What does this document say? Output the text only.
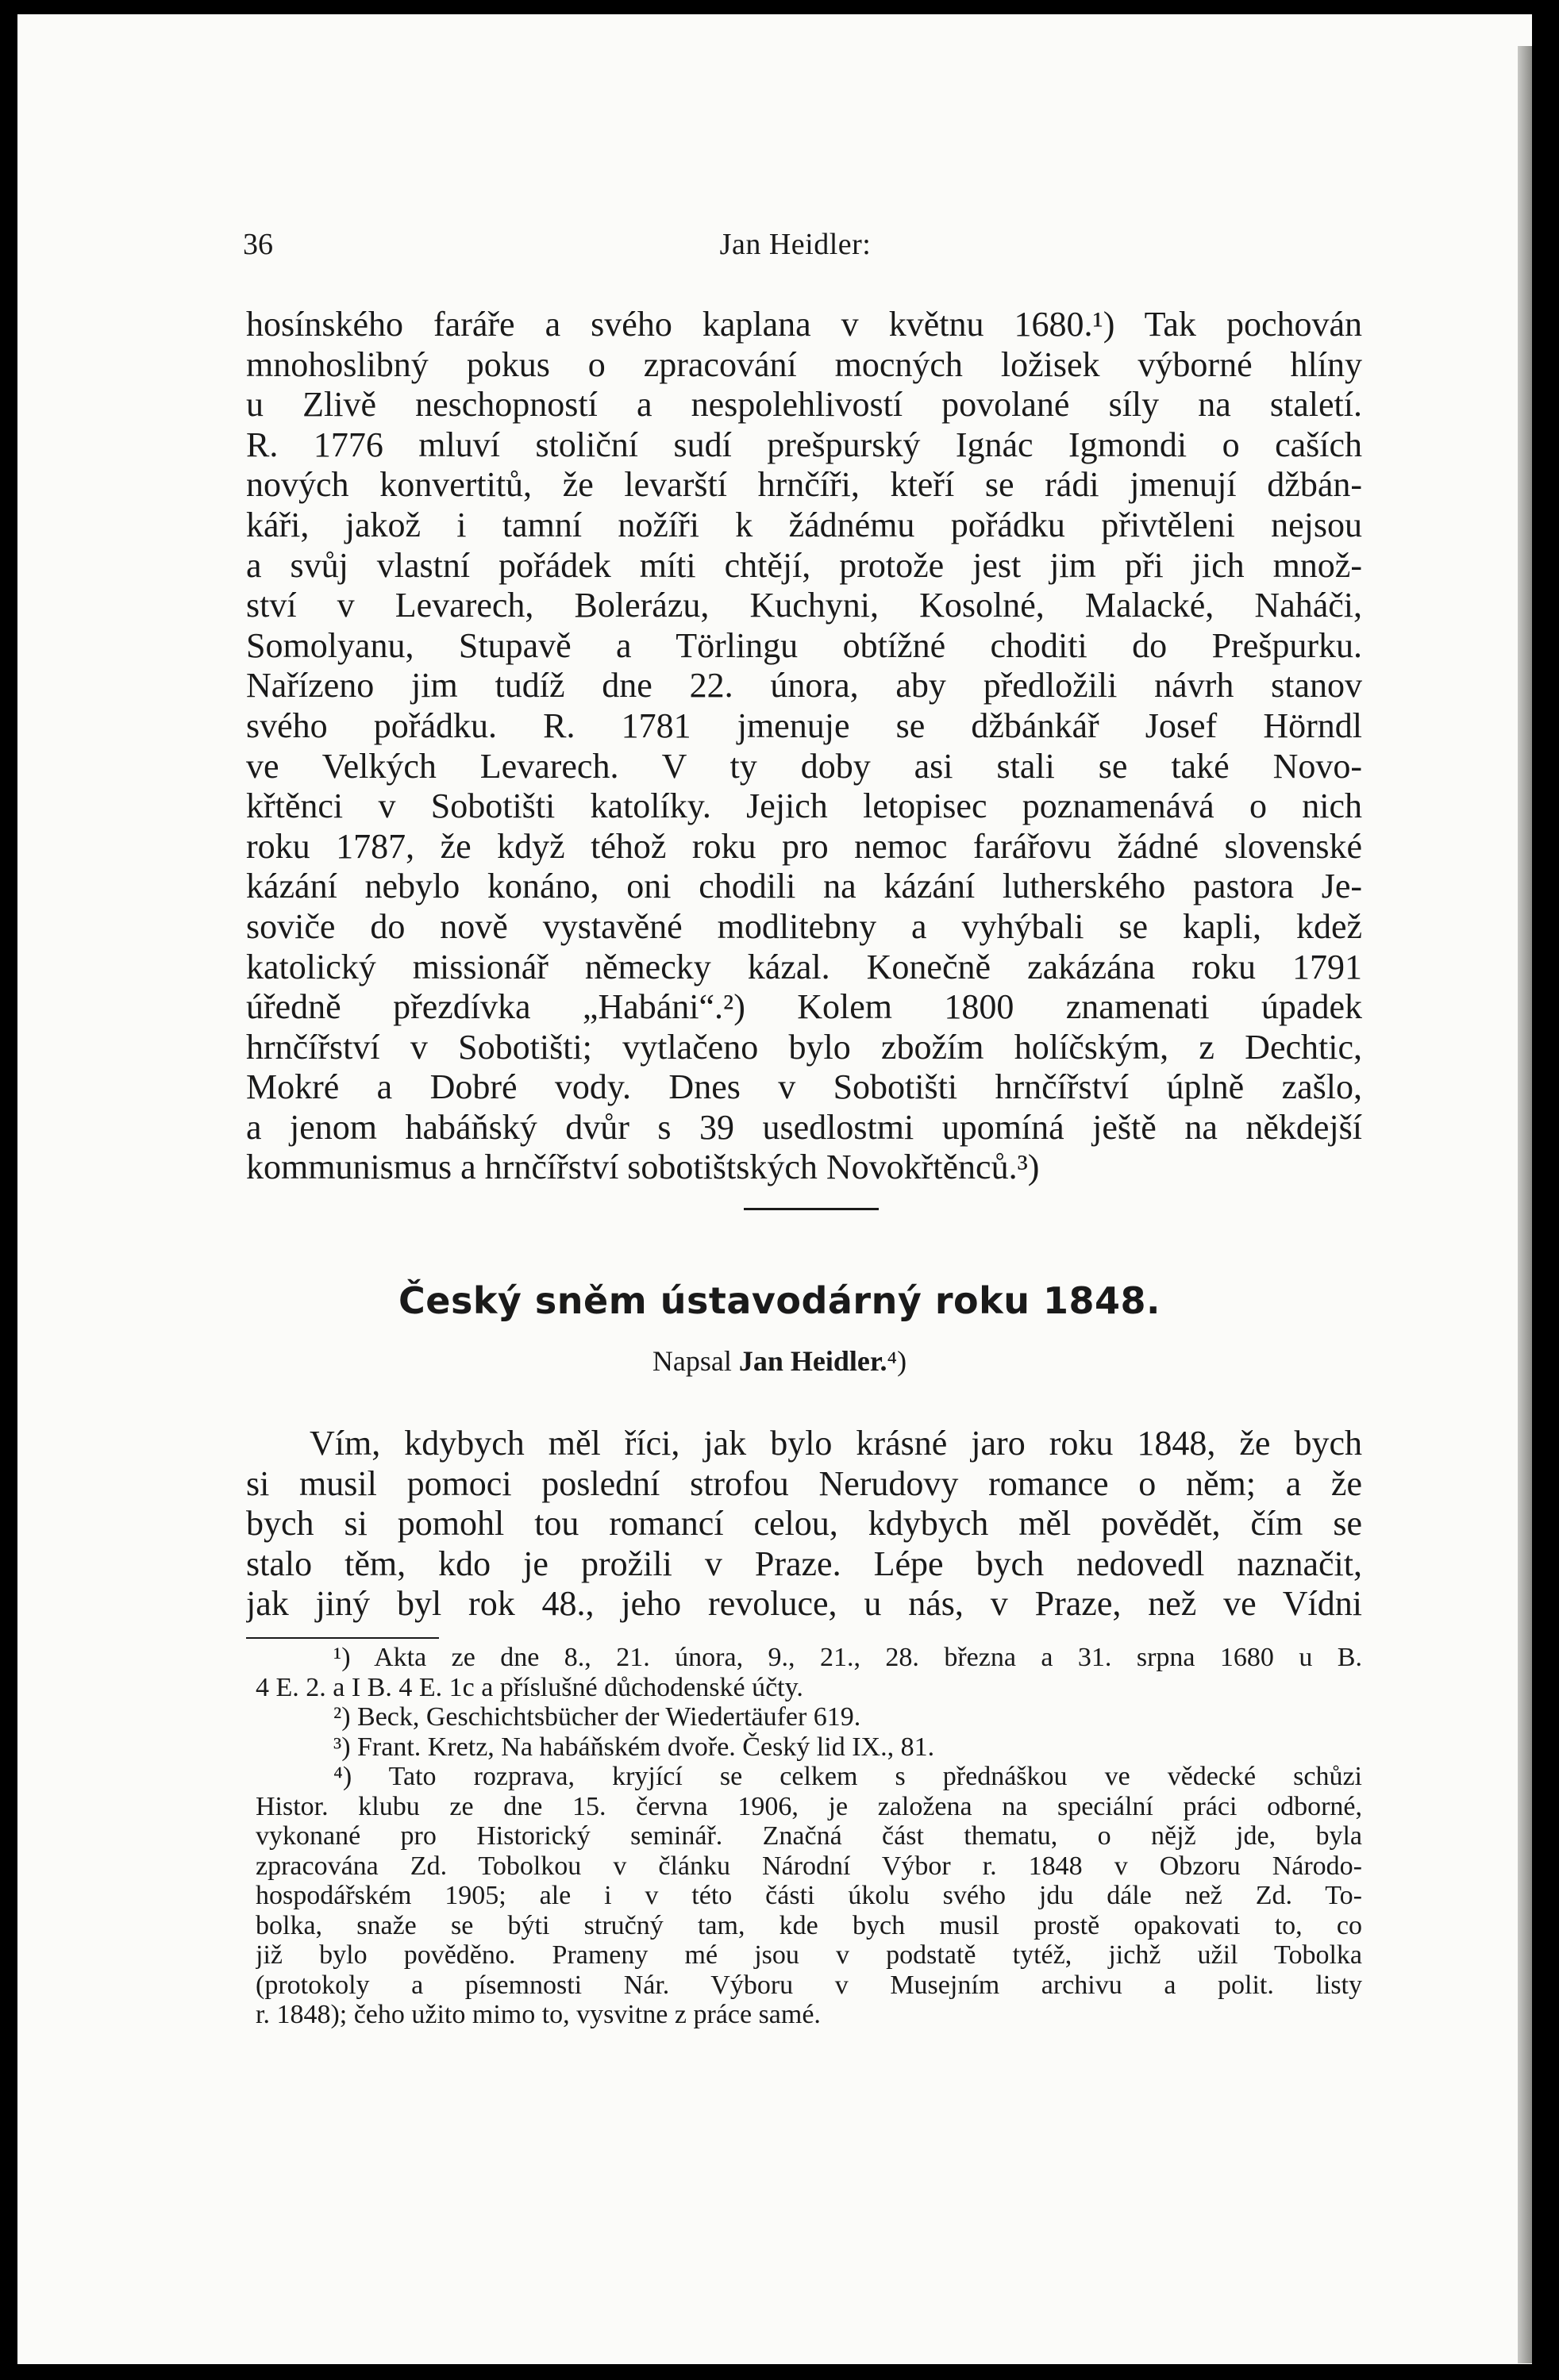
36	Jan Heidler:
hosínského faráře a svého kaplana v květnu 1680.¹) Tak pochován
mnohoslibný pokus o zpracování mocných ložisek výborné hlíny
u Zlivě neschopností a nespolehlivostí povolané síly na staletí.
R. 1776 mluví stoliční sudí prešpurský Ignác Igmondi o caších
nových konvertitů, že levarští hrnčíři, kteří se rádi jmenují džbán-
káři, jakož i tamní nožíři k žádnému pořádku přivtěleni nejsou
a svůj vlastní pořádek míti chtějí, protože jest jim při jich množ-
ství v Levarech, Bolerázu, Kuchyni, Kosolné, Malacké, Naháči,
Somolyanu, Stupavě a Törlingu obtížné choditi do Prešpurku.
Nařízeno jim tudíž dne 22. února, aby předložili návrh stanov
svého pořádku. R. 1781 jmenuje se džbánkář Josef Hörndl
ve Velkých Levarech. V ty doby asi stali se také Novo-
křtěnci v Sobotišti katolíky. Jejich letopisec poznamenává o nich
roku 1787, že když téhož roku pro nemoc farářovu žádné slovenské
kázání nebylo konáno, oni chodili na kázání lutherského pastora Je-
soviče do nově vystavěné modlitebny a vyhýbali se kapli, kdež
katolický missionář německy kázal. Konečně zakázána roku 1791
úředně přezdívka „Habáni“.²) Kolem 1800 znamenati úpadek
hrnčířství v Sobotišti; vytlačeno bylo zbožím holíčským, z Dechtic,
Mokré a Dobré vody. Dnes v Sobotišti hrnčířství úplně zašlo,
a jenom habáňský dvůr s 39 usedlostmi upomíná ještě na někdejší
kommunismus a hrnčířství sobotištských Novokřtěnců.³)
Český sněm ústavodárný roku 1848.
Napsal Jan Heidler.⁴)
Vím, kdybych měl říci, jak bylo krásné jaro roku 1848, že bych
si musil pomoci poslední strofou Nerudovy romance o něm; a že
bych si pomohl tou romancí celou, kdybych měl povědět, čím se
stalo těm, kdo je prožili v Praze. Lépe bych nedovedl naznačit,
jak jiný byl rok 48., jeho revoluce, u nás, v Praze, než ve Vídni
¹) Akta ze dne 8., 21. února, 9., 21., 28. března a 31. srpna 1680 u B.
4 E. 2. a I B. 4 E. 1c a příslušné důchodenské účty.
²) Beck, Geschichtsbücher der Wiedertäufer 619.
³) Frant. Kretz, Na habáňském dvoře. Český lid IX., 81.
⁴) Tato rozprava, kryjící se celkem s přednáškou ve vědecké schůzi
Histor. klubu ze dne 15. června 1906, je založena na speciální práci odborné,
vykonané pro Historický seminář. Značná část thematu, o nějž jde, byla
zpracována Zd. Tobolkou v článku Národní Výbor r. 1848 v Obzoru Národo-
hospodářském 1905; ale i v této části úkolu svého jdu dále než Zd. To-
bolka, snaže se býti stručný tam, kde bych musil prostě opakovati to, co
již bylo pověděno. Prameny mé jsou v podstatě tytéž, jichž užil Tobolka
(protokoly a písemnosti Nár. Výboru v Musejním archivu a polit. listy
r. 1848); čeho užito mimo to, vysvitne z práce samé.
